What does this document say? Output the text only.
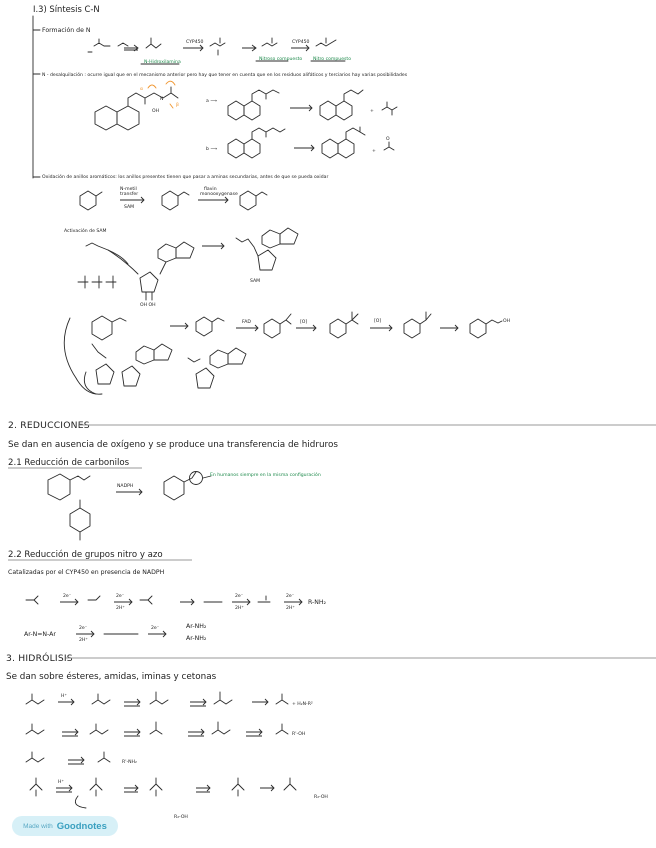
I.3) Síntesis C-N
Formación de N
CYP450	CYP450
N-Hidroxilamina
Nitroso compuesto Nitro compuesto
N - desalquilación : ocurre igual que en el mecanismo anterior pero hay que tener en cuenta que en los residuos alifáticos y terciarios hay varias posibilidades
OH
N
α
β
a ⟶
+
b ⟶	+
O
Oxidación de anillos aromáticos: los anillos presentes tienen que pasar a aminas secundarias, antes de que se pueda oxidar
N-metil
transfer
SAM
flavin
monooxygenase
Activación de SAM
SAM
OH OH
FAD	[O]	[O]	OH
2. REDUCCIONES
Se dan en ausencia de oxígeno y se produce una transferencia de hidruros
2.1 Reducción de carbonilos
NADPH
En humanos siempre en la misma configuración
2.2 Reducción de grupos nitro y azo
Catalizadas por el CYP450 en presencia de NADPH
2e⁻	2e⁻
2H⁺
2e⁻
2H⁺
2e⁻
2H⁺
R-NH₂
Ar-N=N-Ar
2e⁻
2H⁺
2e⁻	Ar-NH₂
Ar-NH₂
3. HIDRÓLISIS
Se dan sobre ésteres, amidas, iminas y cetonas
H⁺
+ H₂N-R²
R'-OH
R'-NH₂
H⁺
R₂-OH
R₂-OH
Made with Goodnotes
